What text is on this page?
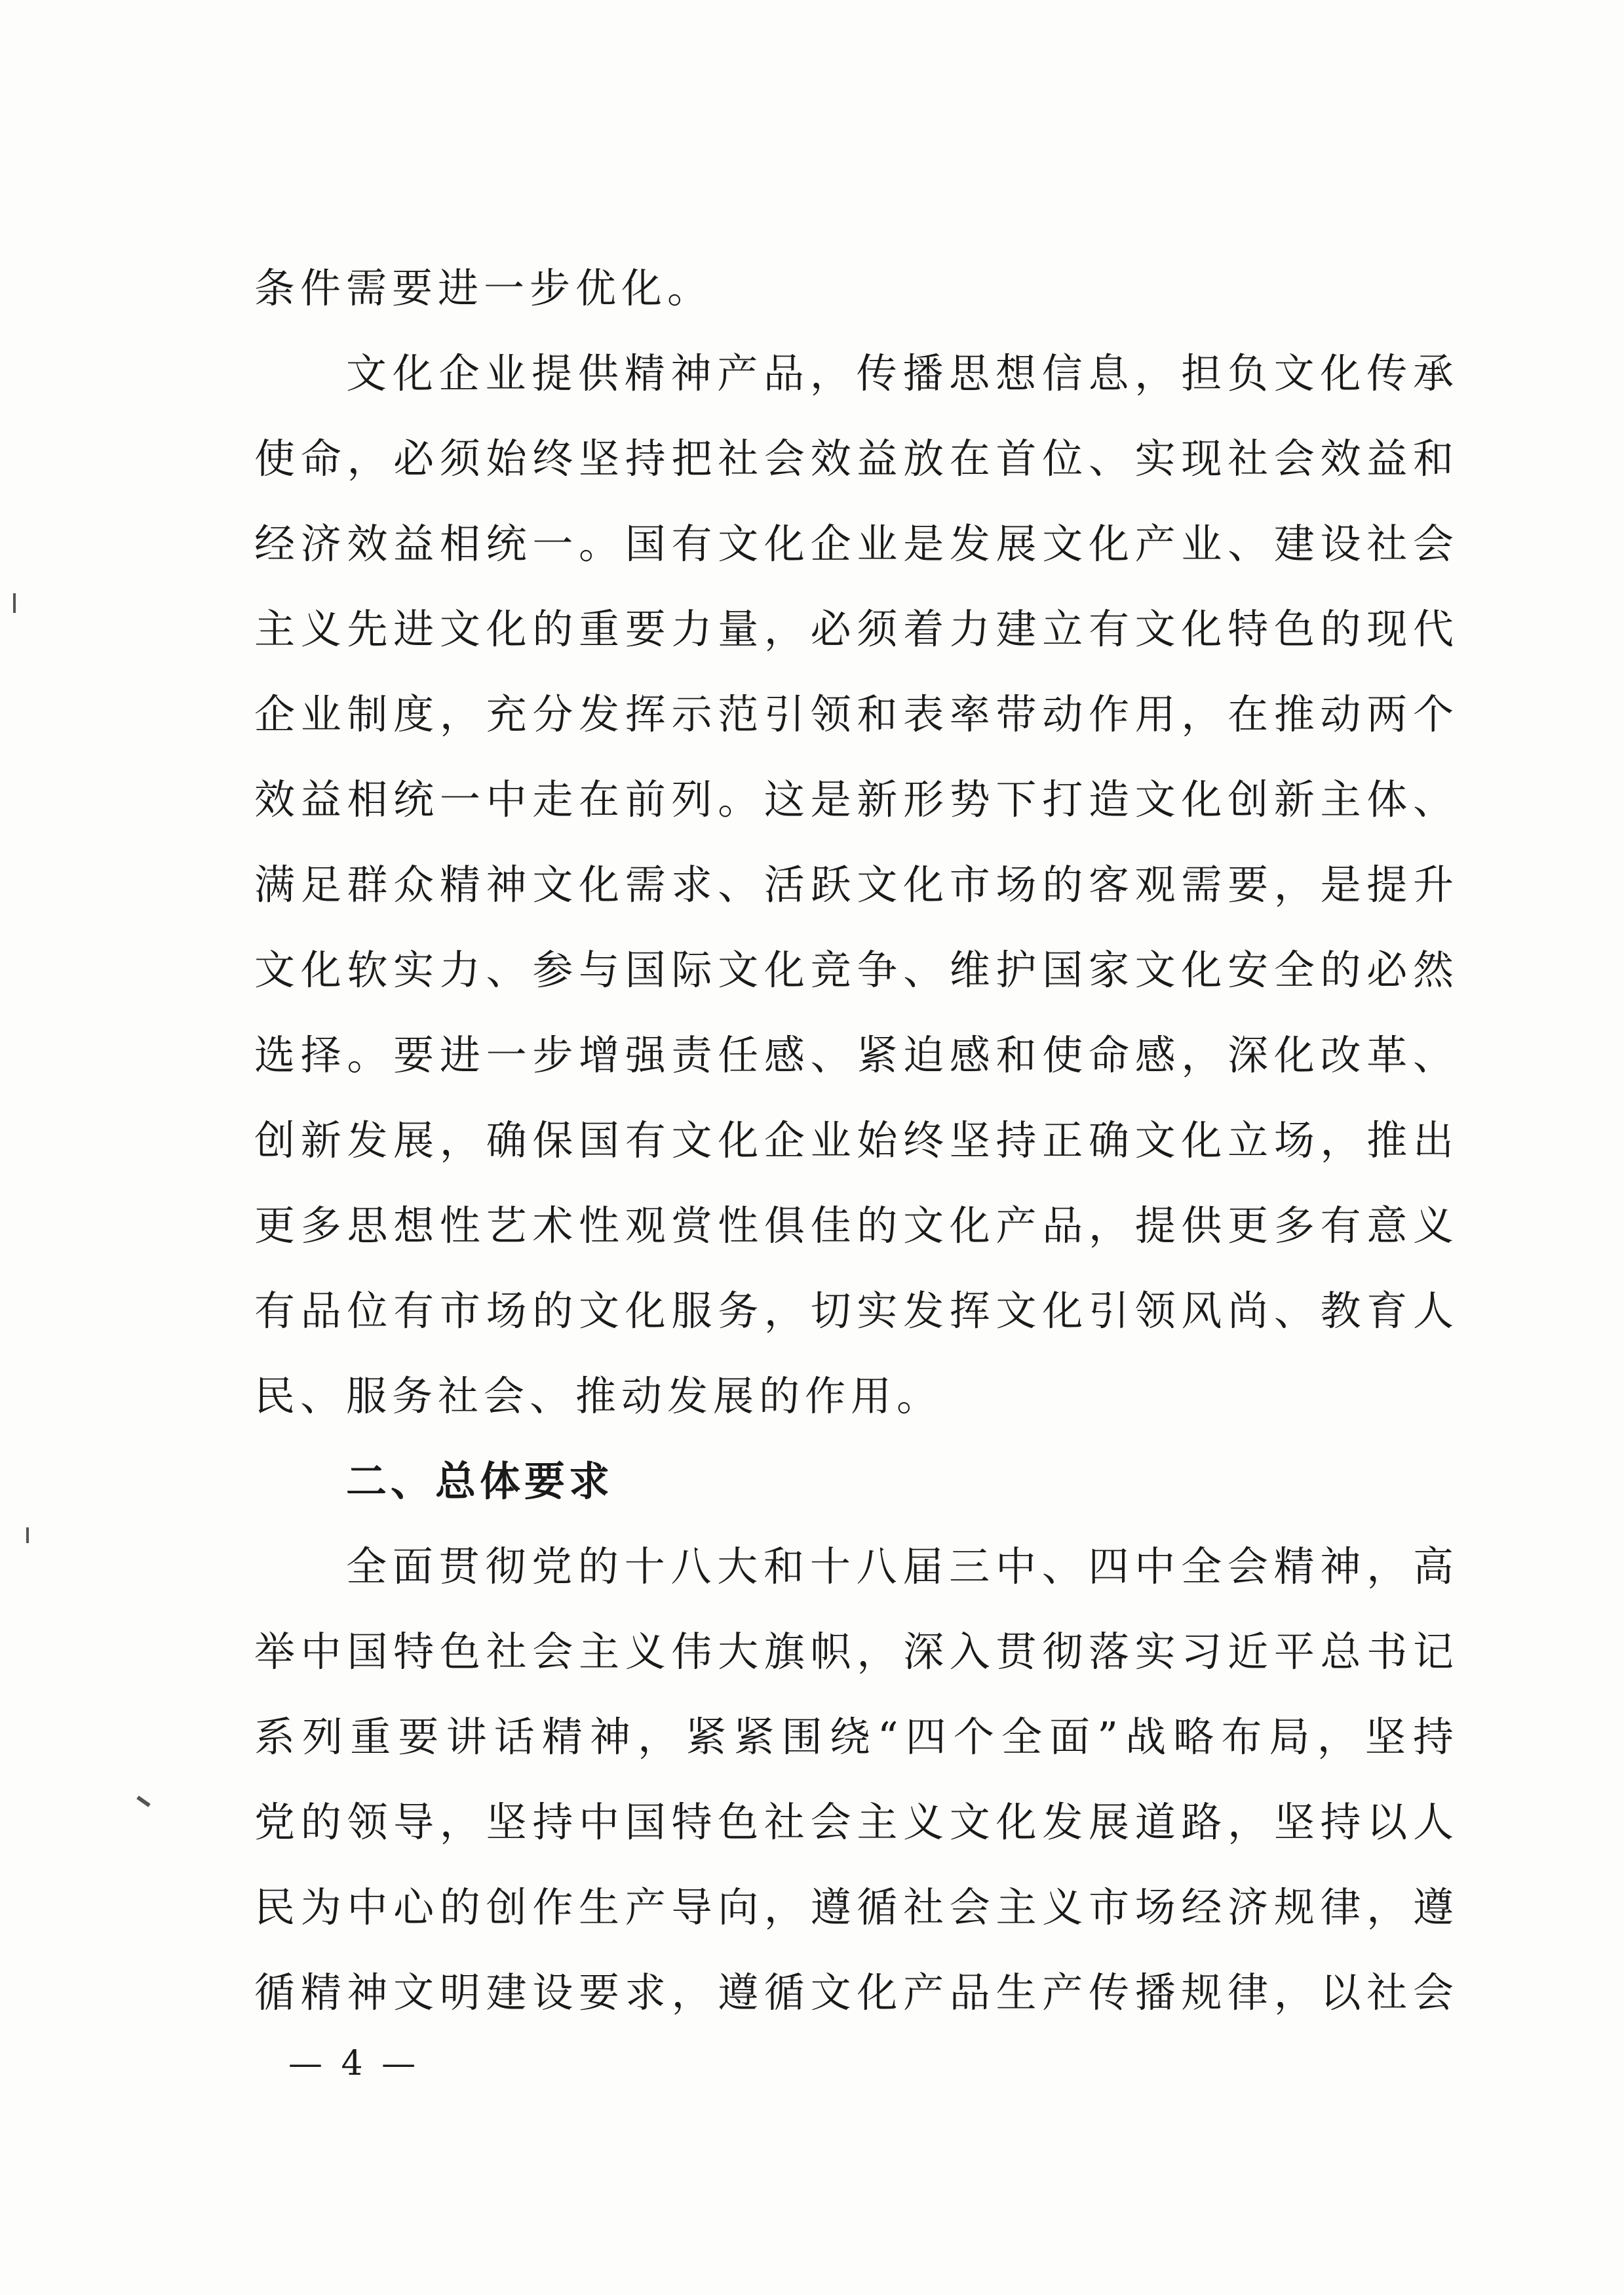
条件需要进一步优化。
文化企业提供精神产品，传播思想信息，担负文化传承
使命，必须始终坚持把社会效益放在首位、实现社会效益和
经济效益相统一。国有文化企业是发展文化产业、建设社会
主义先进文化的重要力量，必须着力建立有文化特色的现代
企业制度，充分发挥示范引领和表率带动作用，在推动两个
效益相统一中走在前列。这是新形势下打造文化创新主体、
满足群众精神文化需求、活跃文化市场的客观需要，是提升
文化软实力、参与国际文化竞争、维护国家文化安全的必然
选择。要进一步增强责任感、紧迫感和使命感，深化改革、
创新发展，确保国有文化企业始终坚持正确文化立场，推出
更多思想性艺术性观赏性俱佳的文化产品，提供更多有意义
有品位有市场的文化服务，切实发挥文化引领风尚、教育人
民、服务社会、推动发展的作用。
二、总体要求
全面贯彻党的十八大和十八届三中、四中全会精神，高
举中国特色社会主义伟大旗帜，深入贯彻落实习近平总书记
系列重要讲话精神，紧紧围绕“四个全面”战略布局，坚持
党的领导，坚持中国特色社会主义文化发展道路，坚持以人
民为中心的创作生产导向，遵循社会主义市场经济规律，遵
循精神文明建设要求，遵循文化产品生产传播规律，以社会
— 4 —
